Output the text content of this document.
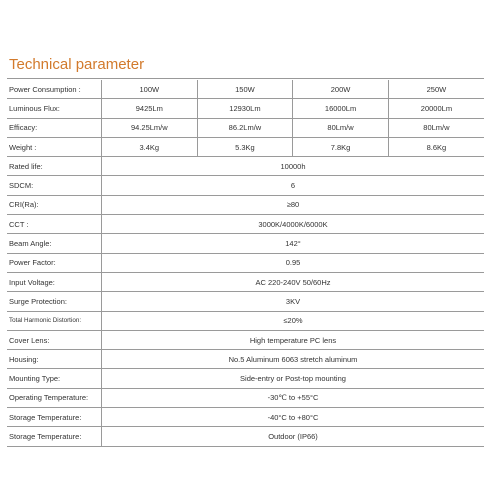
Technical parameter
Power Consumption :	100W	150W	200W	250W
Luminous Flux:	9425Lm	12930Lm	16000Lm	20000Lm
Efficacy:	94.25Lm/w	86.2Lm/w	80Lm/w	80Lm/w
Weight :	3.4Kg	5.3Kg	7.8Kg	8.6Kg
Rated life:	10000h			
SDCM:	6			
CRI(Ra):	≥80			
CCT :	3000K/4000K/6000K			
Beam Angle:	142°			
Power Factor:	0.95			
Input Voltage:	AC 220-240V 50/60Hz			
Surge Protection:	3KV			
Total Harmonic Distortion:	≤20%			
Cover Lens:	High temperature PC lens			
Housing:	No.5 Aluminum 6063 stretch aluminum			
Mounting Type:	Side-entry or Post-top mounting			
Operating Temperature:	-30℃ to +55°C			
Storage Temperature:	-40°C to +80°C			
Storage Temperature:	Outdoor (IP66)			
